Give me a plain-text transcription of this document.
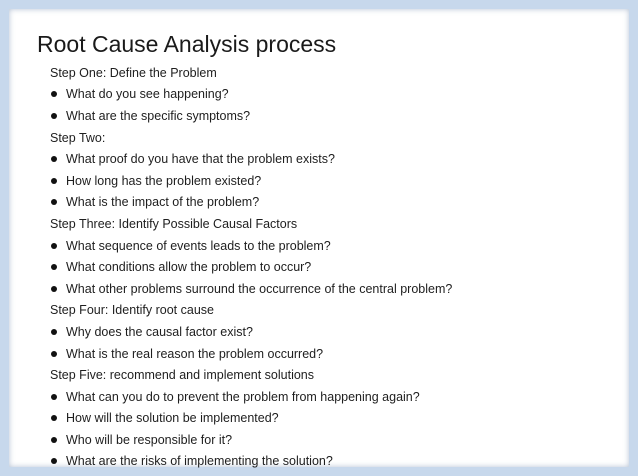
Root Cause Analysis process
Step One: Define the Problem
What do you see happening?
What are the specific symptoms?
Step Two:
What proof do you have that the problem exists?
How long has the problem existed?
What is the impact of the problem?
Step Three: Identify Possible Causal Factors
What sequence of events leads to the problem?
What conditions allow the problem to occur?
What other problems surround the occurrence of the central problem?
Step Four: Identify root cause
Why does the causal factor exist?
What is the real reason the problem occurred?
Step Five: recommend and implement solutions
What can you do to prevent the problem from happening again?
How will the solution be implemented?
Who will be responsible for it?
What are the risks of implementing the solution?
